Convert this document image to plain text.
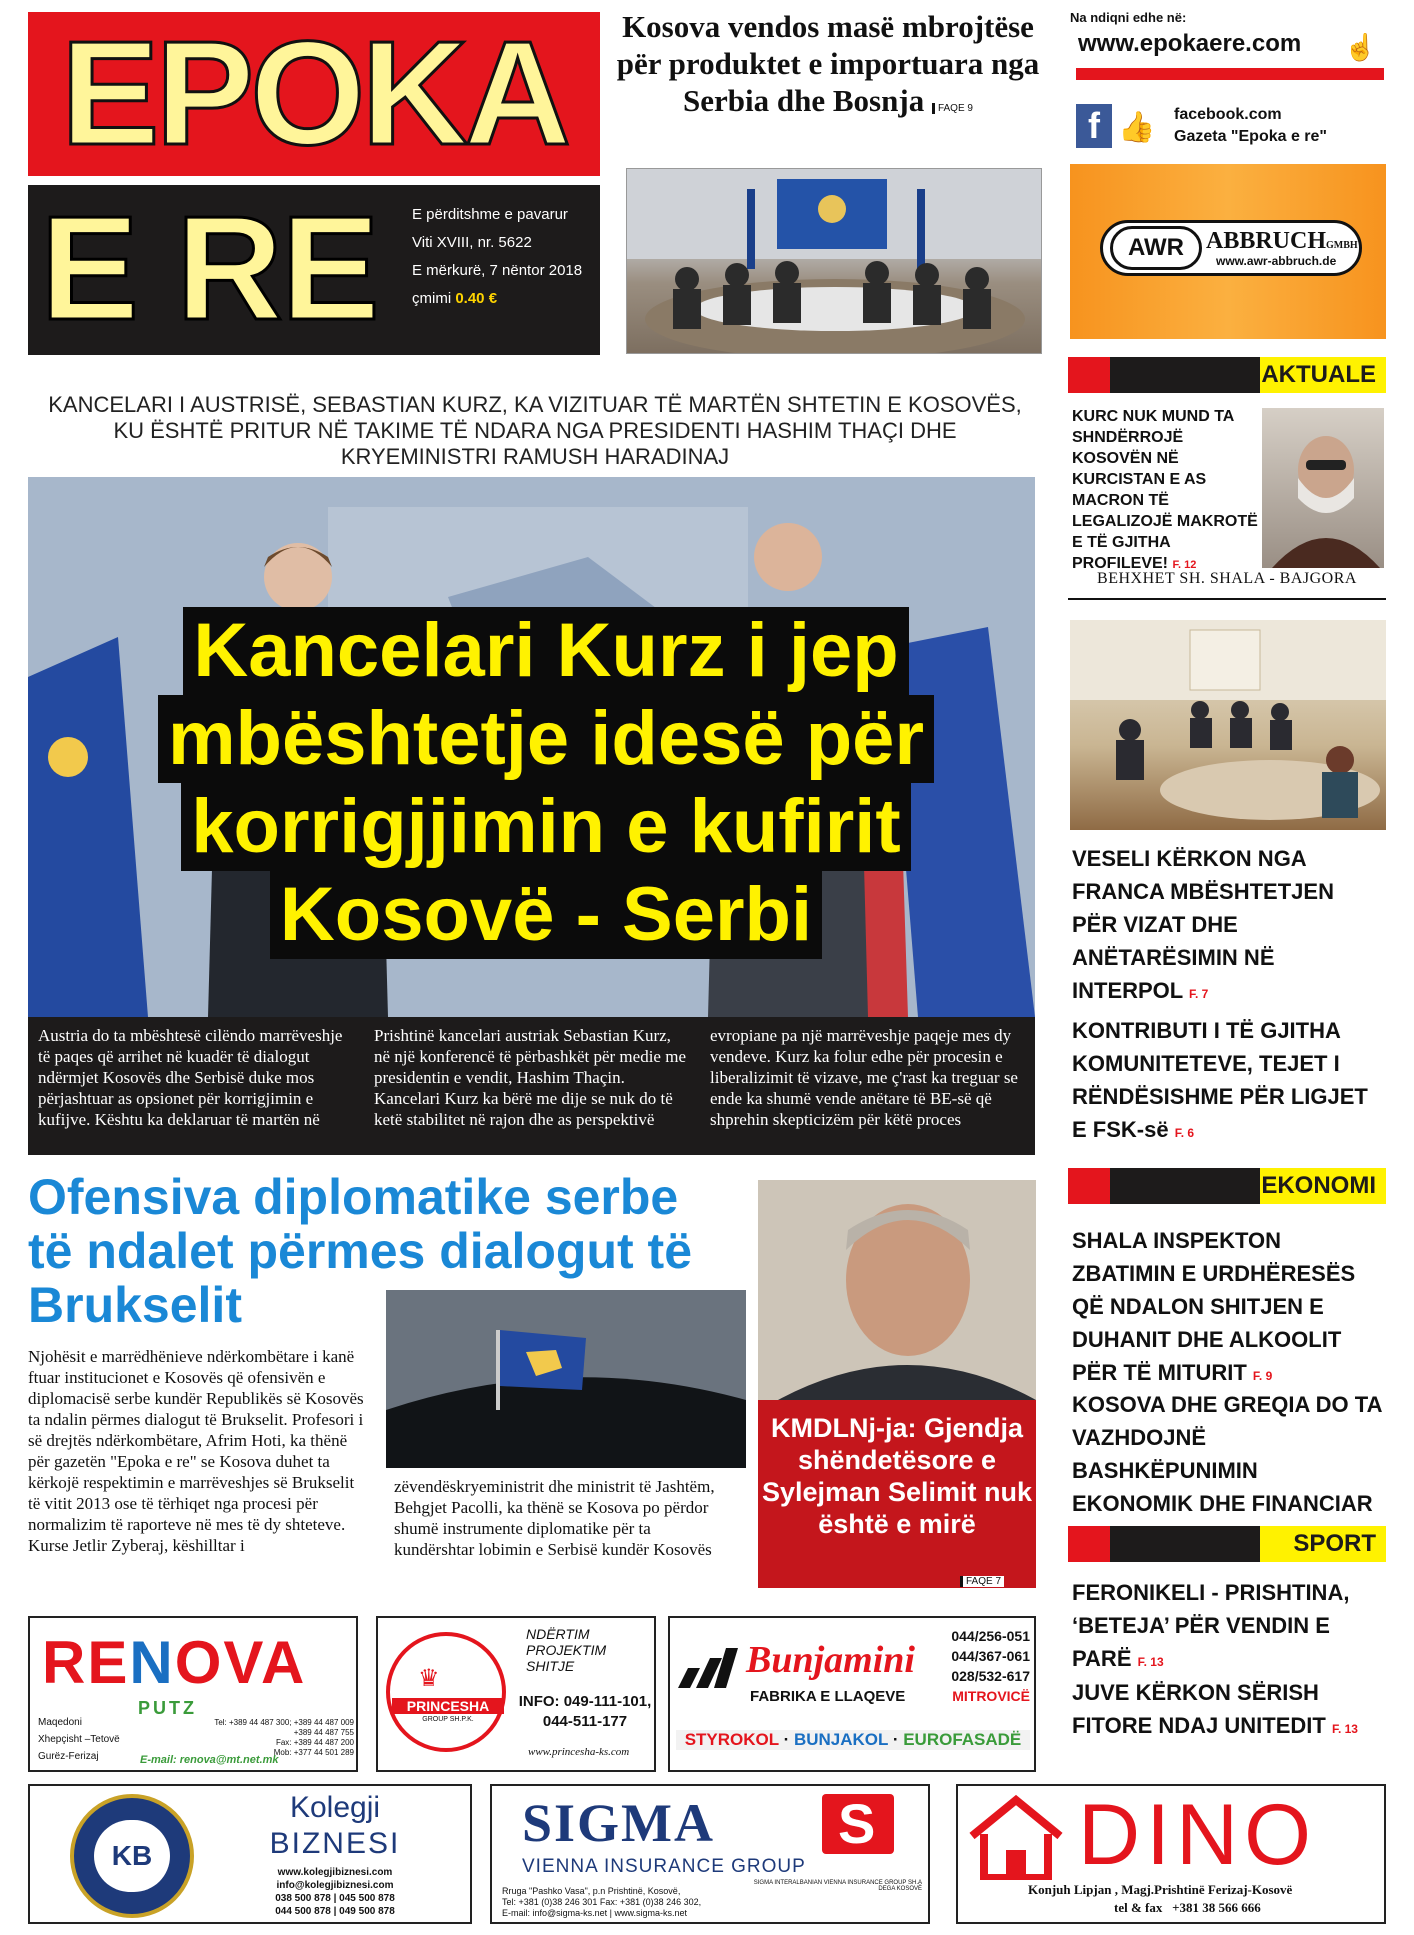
EPOKA
E RE	E përditshme e pavarur
Viti XVIII, nr. 5622
E mërkurë, 7 nëntor 2018
çmimi 0.40 €
Kosova vendos masë mbrojtëse për produktet e importuara nga Serbia dhe Bosnja FAQE 9
Na ndiqni edhe në:
www.epokaere.com ☝
f 👍 facebook.com
Gazeta "Epoka e re"
AWR ABBRUCHGMBH
www.awr-abbruch.de
AKTUALE
KURC NUK MUND TA SHNDËRROJË KOSOVËN NË KURCISTAN E AS MACRON TË LEGALIZOJË MAKROTË E TË GJITHA PROFILEVE! F. 12
BEHXHET SH. SHALA - BAJGORA
VESELI KËRKON NGA FRANCA MBËSHTETJEN PËR VIZAT DHE ANËTARËSIMIN NË INTERPOL F. 7
KONTRIBUTI I TË GJITHA KOMUNITETEVE, TEJET I RËNDËSISHME PËR LIGJET E FSK-së F. 6
EKONOMI
SHALA INSPEKTON ZBATIMIN E URDHËRESËS QË NDALON SHITJEN E DUHANIT DHE ALKOOLIT PËR TË MITURIT F. 9
KOSOVA DHE GREQIA DO TA VAZHDOJNË BASHKËPUNIMIN EKONOMIK DHE FINANCIAR
SPORT
FERONIKELI - PRISHTINA, ‘BETEJA’ PËR VENDIN E PARË F. 13
JUVE KËRKON SËRISH FITORE NDAJ UNITEDIT F. 13
KANCELARI I AUSTRISË, SEBASTIAN KURZ, KA VIZITUAR TË MARTËN SHTETIN E KOSOVËS, KU ËSHTË PRITUR NË TAKIME TË NDARA NGA PRESIDENTI HASHIM THAÇI DHE KRYEMINISTRI RAMUSH HARADINAJ
Kancelari Kurz i jep
mbështetje idesë për
korrigjjimin e kufirit
Kosovë - Serbi
Austria do ta mbështesë cilëndo marrëveshje të paqes që arrihet në kuadër të dialogut ndërmjet Kosovës dhe Serbisë duke mos përjashtuar as opsionet për korrigjimin e kufijve. Kështu ka deklaruar të martën në
Prishtinë kancelari austriak Sebastian Kurz, në një konferencë të përbashkët për medie me presidentin e vendit, Hashim Thaçin. Kancelari Kurz ka bërë me dije se nuk do të ketë stabilitet në rajon dhe as perspektivë
evropiane pa një marrëveshje paqeje mes dy vendeve. Kurz ka folur edhe për procesin e liberalizimit të vizave, me ç'rast ka treguar se ende ka shumë vende anëtare të BE-së që shprehin skepticizëm për këtë proces
Ofensiva diplomatike serbe të ndalet përmes dialogut të Brukselit
Njohësit e marrëdhënieve ndërkombëtare i kanë ftuar institucionet e Kosovës që ofensivën e diplomacisë serbe kundër Republikës së Kosovës ta ndalin përmes dialogut të Brukselit. Profesori i së drejtës ndërkombëtare, Afrim Hoti, ka thënë për gazetën "Epoka e re" se Kosova duhet ta kërkojë respektimin e marrëveshjes së Brukselit të vitit 2013 ose të tërhiqet nga procesi për normalizim të raporteve në mes të dy shteteve. Kurse Jetlir Zyberaj, këshilltar i
zëvendëskryeministrit dhe ministrit të Jashtëm, Behgjet Pacolli, ka thënë se Kosova po përdor shumë instrumente diplomatike për ta kundërshtar lobimin e Serbisë kundër Kosovës
KMDLNj-ja: Gjendja shëndetësore e Sylejman Selimit nuk është e mirë
FAQE 7
RENOVA
PUTZ
Maqedoni
Xhepçisht –Tetovë
Gurëz-Ferizaj
Tel: +389 44 487 300; +389 44 487 009
+389 44 487 755
Fax: +389 44 487 200
Mob: +377 44 501 289
E-mail: renova@mt.net.mk
♛
PRINCESHA
GROUP SH.P.K.
NDËRTIM
PROJEKTIM
SHITJE
INFO: 049-111-101,
044-511-177
www.princesha-ks.com
Bunjamini
FABRIKA E LLAQEVE
044/256-051
044/367-061
028/532-617
MITROVICË
STYROKOL · BUNJAKOL · EUROFASADË
KB
Kolegji
BIZNESI
www.kolegjibiznesi.com
info@kolegjibiznesi.com
038 500 878 | 045 500 878
044 500 878 | 049 500 878
SIGMA S
VIENNA INSURANCE GROUP
SIGMA INTERALBANIAN VIENNA INSURANCE GROUP SH.A
DEGA KOSOVË
Rruga "Pashko Vasa", p.n Prishtinë, Kosovë,
Tel: +381 (0)38 246 301 Fax: +381 (0)38 246 302,
E-mail: info@sigma-ks.net | www.sigma-ks.net
DINO
Konjuh Lipjan , Magj.Prishtinë Ferizaj-Kosovë
tel & fax +381 38 566 666
